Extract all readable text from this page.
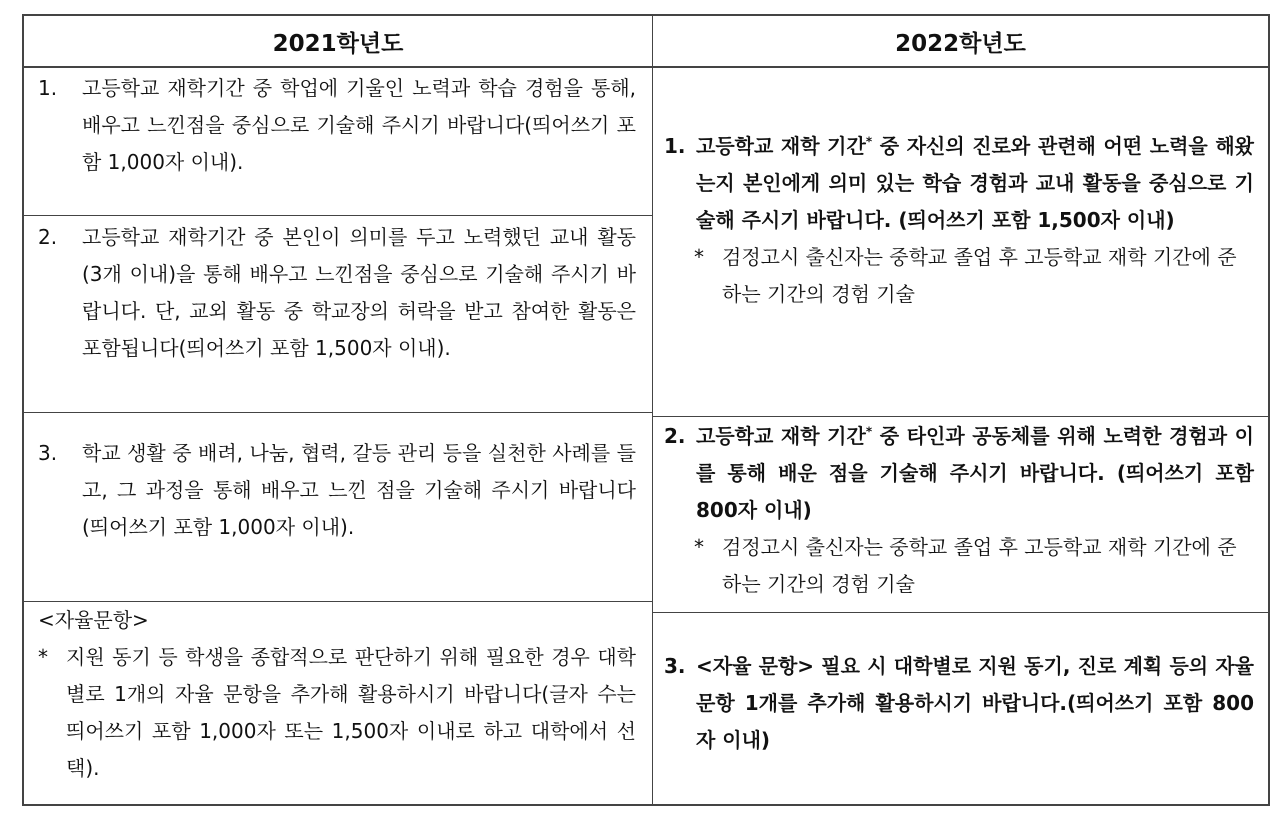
2021학년도	2022학년도
1. 고등학교 재학기간 중 학업에 기울인 노력과 학습 경험을 통해, 배우고 느낀점을 중심으로 기술해 주시기 바랍니다(띄어쓰기 포함 1,000자 이내).
2. 고등학교 재학기간 중 본인이 의미를 두고 노력했던 교내 활동(3개 이내)을 통해 배우고 느낀점을 중심으로 기술해 주시기 바랍니다. 단, 교외 활동 중 학교장의 허락을 받고 참여한 활동은 포함됩니다(띄어쓰기 포함 1,500자 이내).
3. 학교 생활 중 배려, 나눔, 협력, 갈등 관리 등을 실천한 사례를 들고, 그 과정을 통해 배우고 느낀 점을 기술해 주시기 바랍니다(띄어쓰기 포함 1,000자 이내).
<자율문항>
* 지원 동기 등 학생을 종합적으로 판단하기 위해 필요한 경우 대학별로 1개의 자율 문항을 추가해 활용하시기 바랍니다(글자 수는 띄어쓰기 포함 1,000자 또는 1,500자 이내로 하고 대학에서 선택).
1. 고등학교 재학 기간* 중 자신의 진로와 관련해 어떤 노력을 해왔는지 본인에게 의미 있는 학습 경험과 교내 활동을 중심으로 기술해 주시기 바랍니다. (띄어쓰기 포함 1,500자 이내)
* 검정고시 출신자는 중학교 졸업 후 고등학교 재학 기간에 준하는 기간의 경험 기술
2. 고등학교 재학 기간* 중 타인과 공동체를 위해 노력한 경험과 이를 통해 배운 점을 기술해 주시기 바랍니다. (띄어쓰기 포함 800자 이내)
* 검정고시 출신자는 중학교 졸업 후 고등학교 재학 기간에 준하는 기간의 경험 기술
3. <자율 문항> 필요 시 대학별로 지원 동기, 진로 계획 등의 자율 문항 1개를 추가해 활용하시기 바랍니다.(띄어쓰기 포함 800자 이내)
